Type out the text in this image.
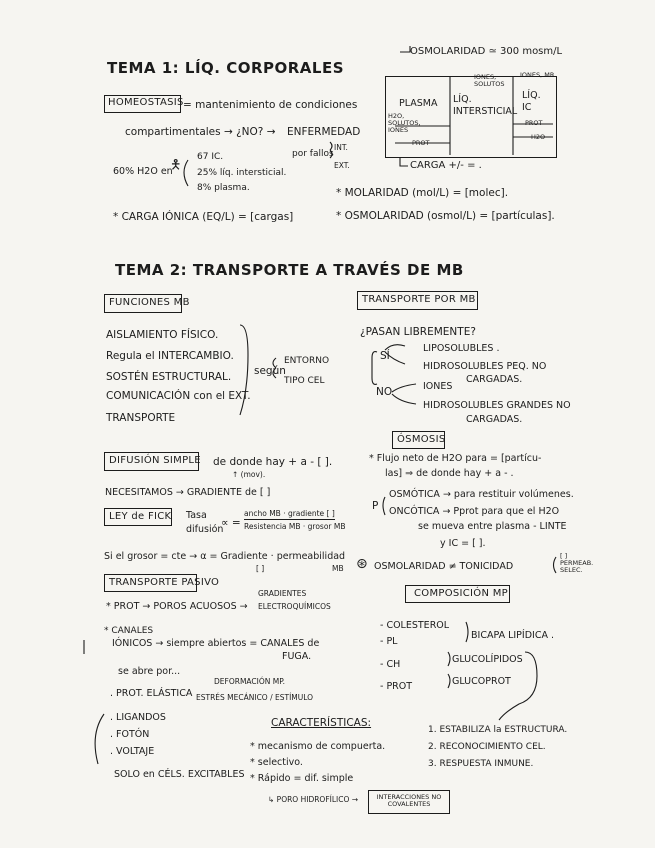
TEMA 1: LÍQ. CORPORALES
HOMEOSTASIS = mantenimiento de condiciones
compartimentales → ¿NO? → ENFERMEDAD
por fallos
INT.
EXT.
60% H2O en
🯅
67 IC.
25% líq. intersticial.
8% plasma.
* CARGA IÓNICA (EQ/L) = [cargas]
OSMOLARIDAD ≃ 300 mosm/L
PLASMA LÍQ. INTERSTICIAL
LÍQ. IC
IONES, SOLUTOS
IONES, MR
H2O, SOLUTOS, IONES
PROT
PROT
H2O
CARGA +/- = .
* MOLARIDAD (mol/L) = [molec].
* OSMOLARIDAD (osmol/L) = [partículas].
TEMA 2: TRANSPORTE A TRAVÉS DE MB
FUNCIONES MB
AISLAMIENTO FÍSICO.
Regula el INTERCAMBIO.
SOSTÉN ESTRUCTURAL.
COMUNICACIÓN con el EXT.
TRANSPORTE
según
ENTORNO
TIPO CEL
TRANSPORTE POR MB
¿PASAN LIBREMENTE?
SÍ
LIPOSOLUBLES .
HIDROSOLUBLES PEQ. NO
CARGADAS.
NO	IONES
HIDROSOLUBLES GRANDES NO
CARGADAS.
ÓSMOSIS
* Flujo neto de H2O para = [partícu-
las] ⇒ de donde hay + a - .
P
OSMÓTICA → para restituir volúmenes.
ONCÓTICA → Pprot para que el H2O
se mueva entre plasma - LINTE
y IC = [ ].
⊛ OSMOLARIDAD ≠ TONICIDAD
[ ] PERMEAB. SELEC.
DIFUSIÓN SIMPLE de donde hay + a - [ ].
↑ (mov).
NECESITAMOS → GRADIENTE de [ ]
LEY de FICK	Tasa
difusión
∝ =
ancho MB · gradiente [ ]
Resistencia MB · grosor MB
Si el grosor = cte → α = Gradiente · permeabilidad
[ ]	MB
TRANSPORTE PASIVO
GRADIENTES
ELECTROQUÍMICOS
* PROT → POROS ACUOSOS →
* CANALES
IÓNICOS → siempre abiertos = CANALES de
FUGA.
se abre por...
DEFORMACIÓN MP.
. PROT. ELÁSTICA ESTRÉS MECÁNICO / ESTÍMULO
. LIGANDOS
. FOTÓN
. VOLTAJE
SOLO en CÉLS. EXCITABLES
CARACTERÍSTICAS:
* mecanismo de compuerta.
* selectivo.
* Rápido = dif. simple
↳ PORO HIDROFÍLICO →	INTERACCIONES NO COVALENTES
COMPOSICIÓN MP
- COLESTEROL
- PL
BICAPA LIPÍDICA .
- CH	GLUCOLÍPIDOS
- PROT	GLUCOPROT
1. ESTABILIZA la ESTRUCTURA.
2. RECONOCIMIENTO CEL.
3. RESPUESTA INMUNE.
